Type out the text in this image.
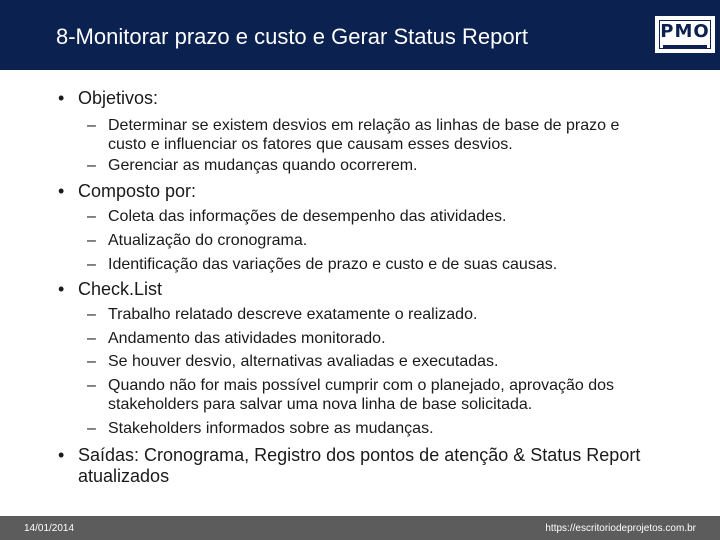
8-Monitorar prazo e custo e Gerar Status Report	PMO
• Objetivos:
– Determinar se existem desvios em relação as linhas de base de prazo e
custo e influenciar os fatores que causam esses desvios.
– Gerenciar as mudanças quando ocorrerem.
• Composto por:
– Coleta das informações de desempenho das atividades.
– Atualização do cronograma.
– Identificação das variações de prazo e custo e de suas causas.
• Check.List
– Trabalho relatado descreve exatamente o realizado.
– Andamento das atividades monitorado.
– Se houver desvio, alternativas avaliadas e executadas.
– Quando não for mais possível cumprir com o planejado, aprovação dos
stakeholders para salvar uma nova linha de base solicitada.
– Stakeholders informados sobre as mudanças.
• Saídas: Cronograma, Registro dos pontos de atenção & Status Report
atualizados
14/01/2014	https://escritoriodeprojetos.com.br
